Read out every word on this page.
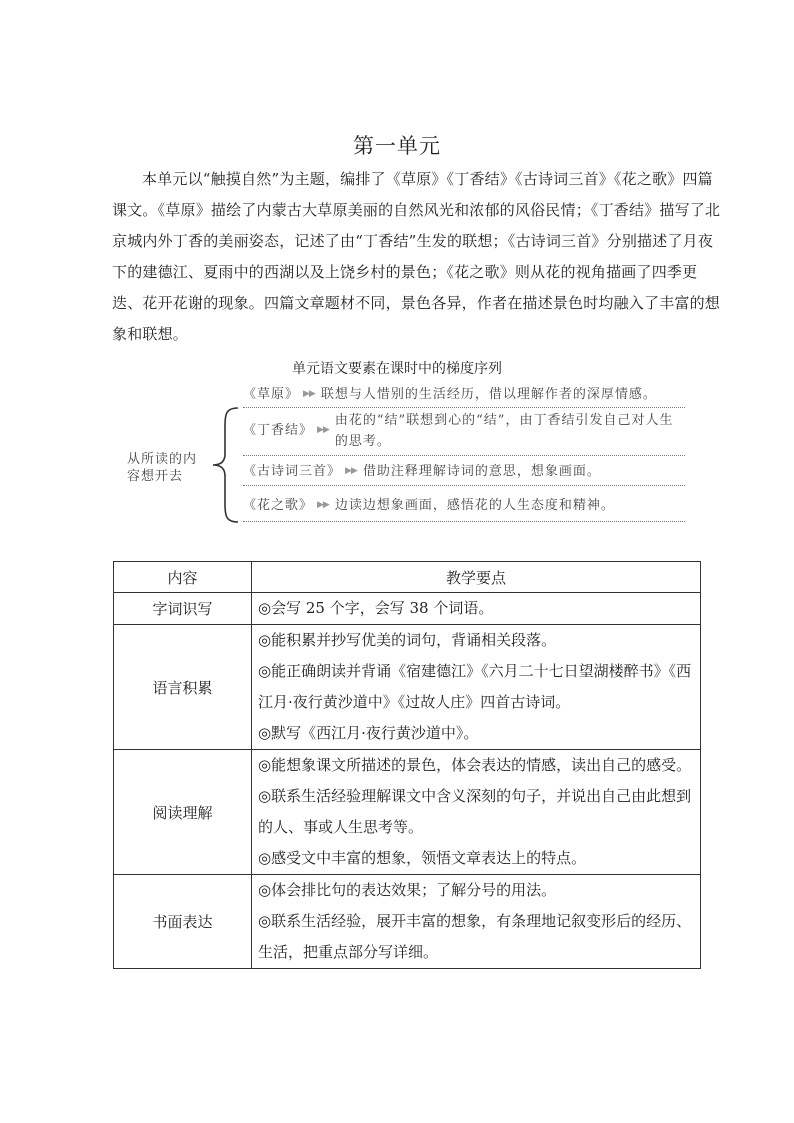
第一单元
本单元以“触摸自然”为主题，编排了《草原》《丁香结》《古诗词三首》《花之歌》四篇课文。《草原》描绘了内蒙古大草原美丽的自然风光和浓郁的风俗民情；《丁香结》描写了北京城内外丁香的美丽姿态，记述了由“丁香结”生发的联想；《古诗词三首》分别描述了月夜下的建德江、夏雨中的西湖以及上饶乡村的景色；《花之歌》则从花的视角描画了四季更迭、花开花谢的现象。四篇文章题材不同，景色各异，作者在描述景色时均融入了丰富的想象和联想。
单元语文要素在课时中的梯度序列
从所读的内容想开去
《草原》 ▶▶ 联想与人惜别的生活经历，借以理解作者的深厚情感。
《丁香结》 ▶▶由花的“结”联想到心的“结”，由丁香结引发自己对人生的思考。
《古诗词三首》 ▶▶ 借助注释理解诗词的意思，想象画面。
《花之歌》 ▶▶ 边读边想象画面，感悟花的人生态度和精神。
内容	教学要点
字词识写	◎会写 25 个字，会写 38 个词语。

语言积累	◎能积累并抄写优美的词句，背诵相关段落。
◎能正确朗读并背诵《宿建德江》《六月二十七日望湖楼醉书》《西江月·夜行黄沙道中》《过故人庄》四首古诗词。
◎默写《西江月·夜行黄沙道中》。

阅读理解	◎能想象课文所描述的景色，体会表达的情感，读出自己的感受。
◎联系生活经验理解课文中含义深刻的句子，并说出自己由此想到的人、事或人生思考等。
◎感受文中丰富的想象，领悟文章表达上的特点。

书面表达	◎体会排比句的表达效果；了解分号的用法。
◎联系生活经验，展开丰富的想象，有条理地记叙变形后的经历、生活，把重点部分写详细。
